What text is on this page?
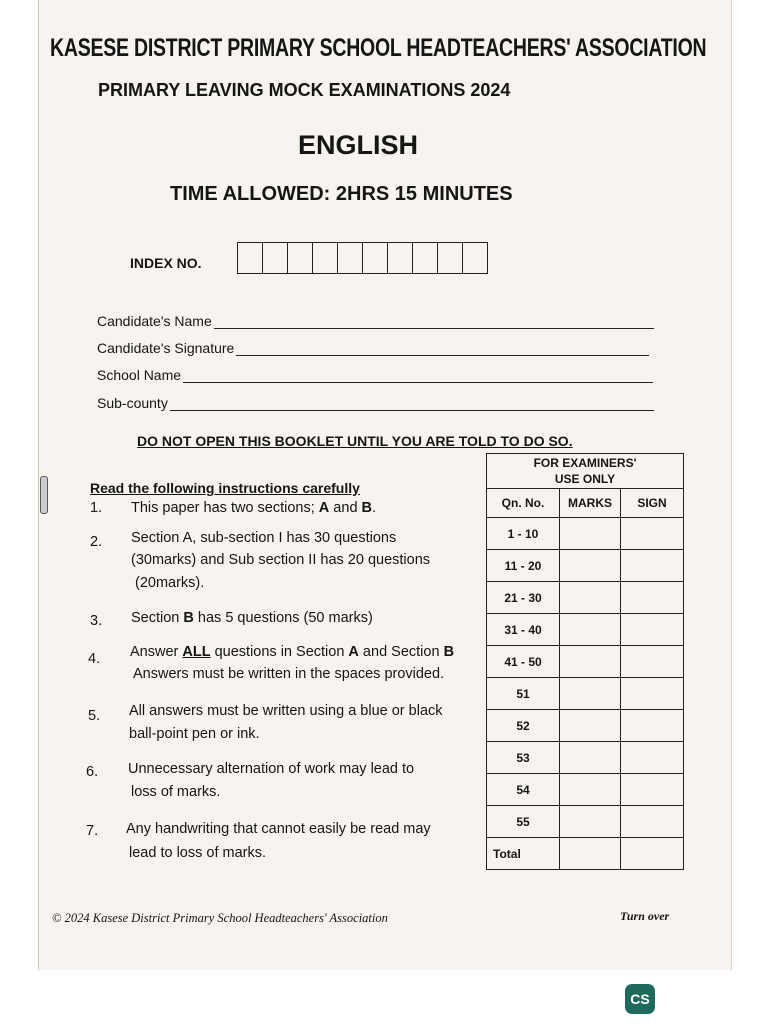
KASESE DISTRICT PRIMARY SCHOOL HEADTEACHERS' ASSOCIATION
PRIMARY LEAVING MOCK EXAMINATIONS 2024
ENGLISH
TIME ALLOWED: 2HRS 15 MINUTES
INDEX NO.
Candidate's Name
Candidate's Signature
School Name
Sub-county
DO NOT OPEN THIS BOOKLET UNTIL YOU ARE TOLD TO DO SO.
Read the following instructions carefully
1. This paper has two sections; A and B.
2. Section A, sub-section I has 30 questions
(30marks) and Sub section II has 20 questions
(20marks).
3. Section B has 5 questions (50 marks)
4. Answer ALL questions in Section A and Section B
Answers must be written in the spaces provided.
5. All answers must be written using a blue or black
ball-point pen or ink.
6. Unnecessary alternation of work may lead to
loss of marks.
7. Any handwriting that cannot easily be read may
lead to loss of marks.
FOR EXAMINERS'
USE ONLY		

Qn. No.	MARKS	SIGN
1 - 10		
11 - 20		
21 - 30		
31 - 40		
41 - 50		
51		
52		
53		
54		
55		
Total		
© 2024 Kasese District Primary School Headteachers' Association	Turn over
CS
